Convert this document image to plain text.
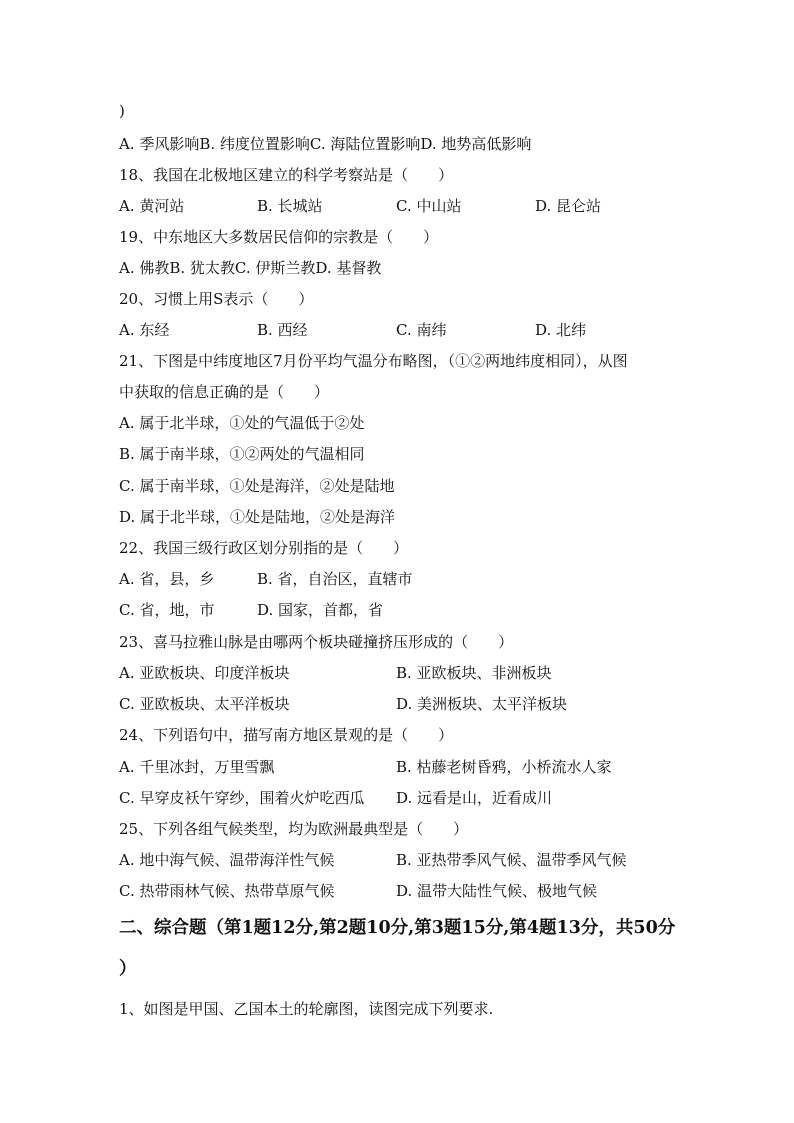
)
A. 季风影响B. 纬度位置影响C. 海陆位置影响D. 地势高低影响
18、我国在北极地区建立的科学考察站是（　　）
A. 黄河站	B. 长城站	C. 中山站	D. 昆仑站
19、中东地区大多数居民信仰的宗教是（　　）
A. 佛教B. 犹太教C. 伊斯兰教D. 基督教
20、习惯上用S表示（　　）
A. 东经	B. 西经	C. 南纬	D. 北纬
21、下图是中纬度地区7月份平均气温分布略图，（①②两地纬度相同），从图
中获取的信息正确的是（　　）
A. 属于北半球，①处的气温低于②处
B. 属于南半球，①②两处的气温相同
C. 属于南半球，①处是海洋，②处是陆地
D. 属于北半球，①处是陆地，②处是海洋
22、我国三级行政区划分别指的是（　　）
A. 省，县，乡	B. 省，自治区，直辖市
C. 省，地，市	D. 国家，首都，省
23、喜马拉雅山脉是由哪两个板块碰撞挤压形成的（　　）
A. 亚欧板块、印度洋板块	B. 亚欧板块、非洲板块
C. 亚欧板块、太平洋板块	D. 美洲板块、太平洋板块
24、下列语句中，描写南方地区景观的是（　　）
A. 千里冰封，万里雪飘	B. 枯藤老树昏鸦，小桥流水人家
C. 早穿皮袄午穿纱，围着火炉吃西瓜 D. 远看是山，近看成川
25、下列各组气候类型，均为欧洲最典型是（　　）
A. 地中海气候、温带海洋性气候	B. 亚热带季风气候、温带季风气候
C. 热带雨林气候、热带草原气候	D. 温带大陆性气候、极地气候
二、综合题（第1题12分,第2题10分,第3题15分,第4题13分，共50分
）
1、如图是甲国、乙国本土的轮廓图，读图完成下列要求.
